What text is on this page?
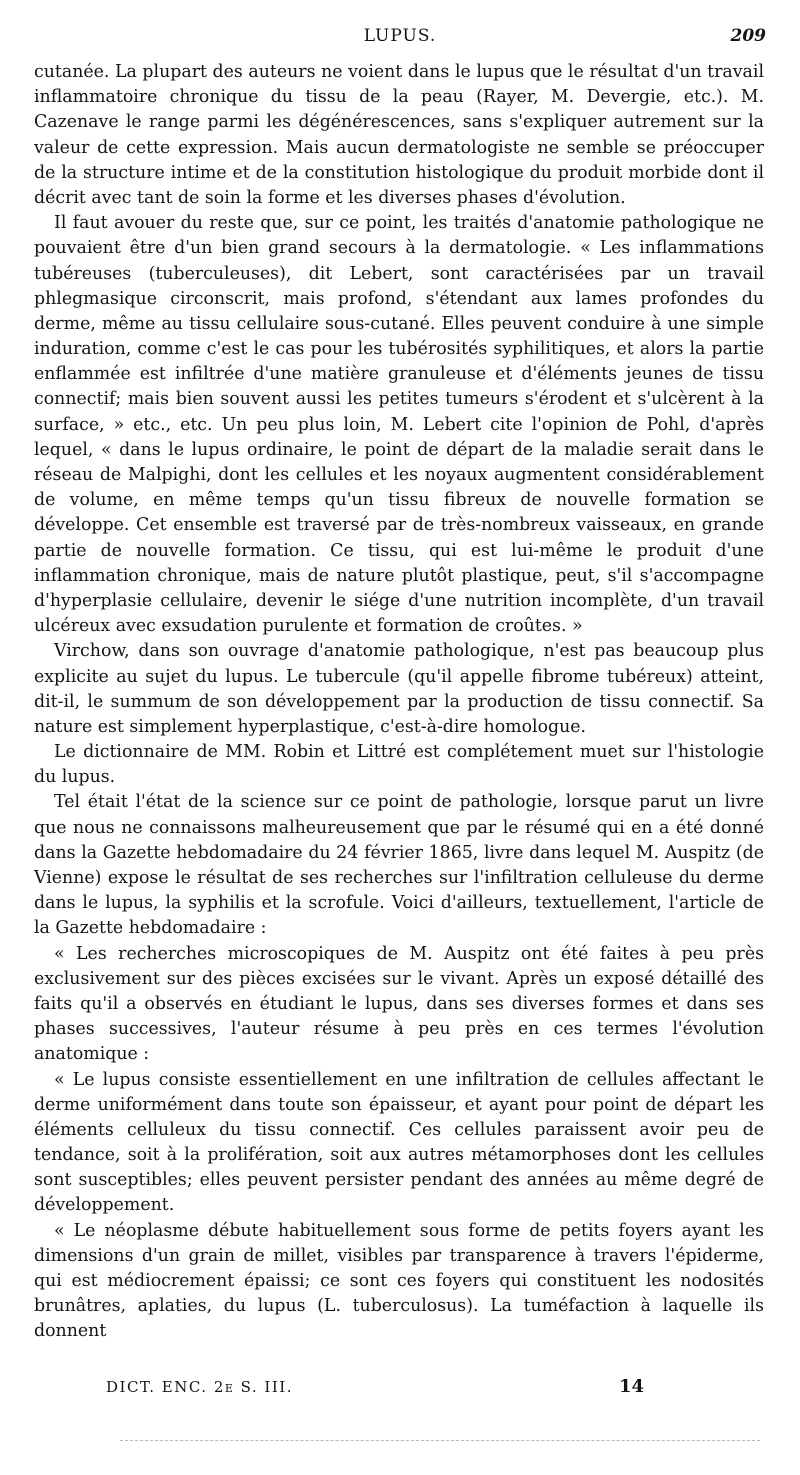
LUPUS.	209

cutanée. La plupart des auteurs ne voient dans le lupus que le résultat d'un travail inflammatoire chronique du tissu de la peau (Rayer, M. Devergie, etc.). M. Cazenave le range parmi les dégénérescences, sans s'expliquer autrement sur la valeur de cette expression. Mais aucun dermatologiste ne semble se préoccuper de la structure intime et de la constitution histologique du produit morbide dont il décrit avec tant de soin la forme et les diverses phases d'évolution.

Il faut avouer du reste que, sur ce point, les traités d'anatomie pathologique ne pouvaient être d'un bien grand secours à la dermatologie. « Les inflammations tubéreuses (tuberculeuses), dit Lebert, sont caractérisées par un travail phlegmasique circonscrit, mais profond, s'étendant aux lames profondes du derme, même au tissu cellulaire sous-cutané. Elles peuvent conduire à une simple induration, comme c'est le cas pour les tubérosités syphilitiques, et alors la partie enflammée est infiltrée d'une matière granuleuse et d'éléments jeunes de tissu connectif; mais bien souvent aussi les petites tumeurs s'érodent et s'ulcèrent à la surface, » etc., etc. Un peu plus loin, M. Lebert cite l'opinion de Pohl, d'après lequel, « dans le lupus ordinaire, le point de départ de la maladie serait dans le réseau de Malpighi, dont les cellules et les noyaux augmentent considérablement de volume, en même temps qu'un tissu fibreux de nouvelle formation se développe. Cet ensemble est traversé par de très-nombreux vaisseaux, en grande partie de nouvelle formation. Ce tissu, qui est lui-même le produit d'une inflammation chronique, mais de nature plutôt plastique, peut, s'il s'accompagne d'hyperplasie cellulaire, devenir le siége d'une nutrition incomplète, d'un travail ulcéreux avec exsudation purulente et formation de croûtes. »

Virchow, dans son ouvrage d'anatomie pathologique, n'est pas beaucoup plus explicite au sujet du lupus. Le tubercule (qu'il appelle fibrome tubéreux) atteint, dit-il, le summum de son développement par la production de tissu connectif. Sa nature est simplement hyperplastique, c'est-à-dire homologue.

Le dictionnaire de MM. Robin et Littré est complétement muet sur l'histologie du lupus.

Tel était l'état de la science sur ce point de pathologie, lorsque parut un livre que nous ne connaissons malheureusement que par le résumé qui en a été donné dans la Gazette hebdomadaire du 24 février 1865, livre dans lequel M. Auspitz (de Vienne) expose le résultat de ses recherches sur l'infiltration celluleuse du derme dans le lupus, la syphilis et la scrofule. Voici d'ailleurs, textuellement, l'article de la Gazette hebdomadaire :

« Les recherches microscopiques de M. Auspitz ont été faites à peu près exclusivement sur des pièces excisées sur le vivant. Après un exposé détaillé des faits qu'il a observés en étudiant le lupus, dans ses diverses formes et dans ses phases successives, l'auteur résume à peu près en ces termes l'évolution anatomique :

« Le lupus consiste essentiellement en une infiltration de cellules affectant le derme uniformément dans toute son épaisseur, et ayant pour point de départ les éléments celluleux du tissu connectif. Ces cellules paraissent avoir peu de tendance, soit à la prolifération, soit aux autres métamorphoses dont les cellules sont susceptibles; elles peuvent persister pendant des années au même degré de développement.

« Le néoplasme débute habituellement sous forme de petits foyers ayant les dimensions d'un grain de millet, visibles par transparence à travers l'épiderme, qui est médiocrement épaissi; ce sont ces foyers qui constituent les nodosités brunâtres, aplaties, du lupus (L. tuberculosus). La tuméfaction à laquelle ils donnent

DICT. ENC. 2e S. III.	14
